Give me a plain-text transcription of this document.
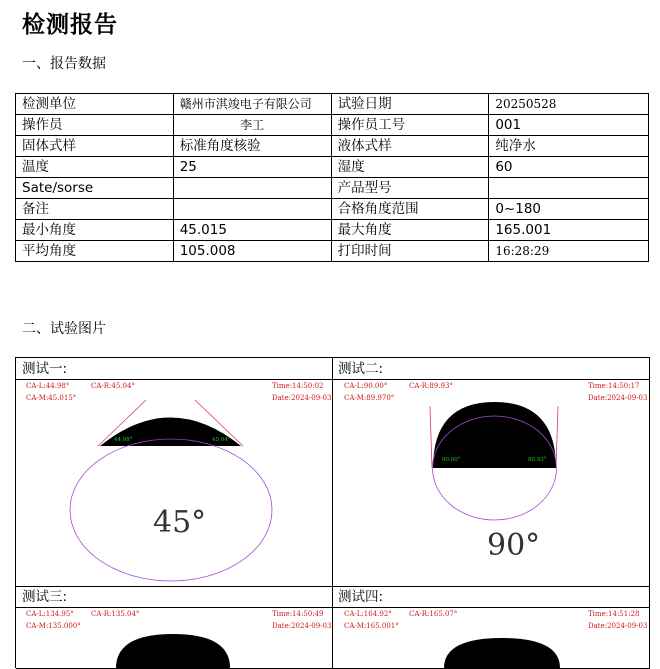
检测报告
一、报告数据
检测单位	赣州市淇竣电子有限公司	试验日期	20250528
操作员	李工	操作员工号	001
固体式样	标准角度核验	液体式样	纯净水
温度	25	湿度	60
Sate/sorse		产品型号	
备注		合格角度范围	0~180
最小角度	45.015	最大角度	165.001
平均角度	105.008	打印时间	16:28:29
二、试验图片
测试一:
CA-L:44.98°	CA-R:45.04°
CA-M:45.015°
Time:14:50:02
Date:2024-09-03
44.98°	45.04°
45°
测试二:
CA-L:90.00°	CA-R:89.93°
CA-M:89.970°
Time:14:50:17
Date:2024-09-03
90.00°	89.93°
90°
测试三:
CA-L:134.95° CA-R:135.04°
CA-M:135.000°
Time:14:50:49
Date:2024-09-03
测试四:
CA-L:164.92° CA-R:165.07°
CA-M:165.001°
Time:14:51:28
Date:2024-09-03
